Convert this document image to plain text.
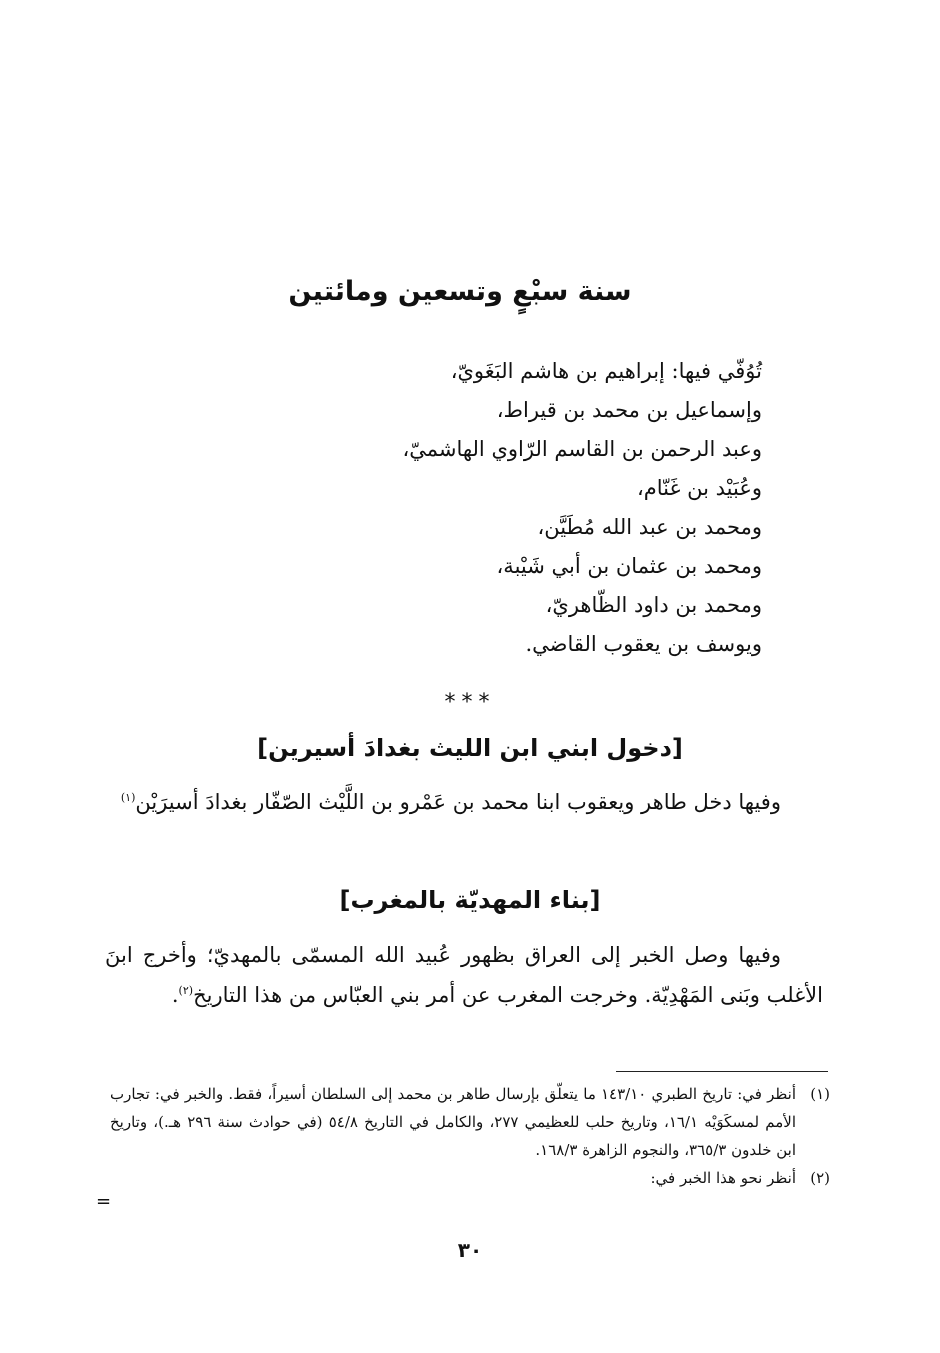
سنة سبْعٍ وتسعين ومائتين
تُوُفّي فيها: إبراهيم بن هاشم البَغَويّ،
وإسماعيل بن محمد بن قيراط،
وعبد الرحمن بن القاسم الرّاوي الهاشميّ،
وعُبَيْد بن غَنّام،
ومحمد بن عبد الله مُطَيَّن،
ومحمد بن عثمان بن أبي شَيْبة،
ومحمد بن داود الظّاهريّ،
ويوسف بن يعقوب القاضي.
***
[دخول ابني ابن الليث بغدادَ أسيرين]

وفيها دخل طاهر ويعقوب ابنا محمد بن عَمْرو بن اللَّيْث الصّفّار بغدادَ أسيرَيْن$^{(١)}$

[بناء المهديّة بالمغرب]

وفيها وصل الخبر إلى العراق بظهور عُبيد الله المسمّى بالمهديّ؛ وأخرج ابنَ الأغلب وبَنى المَهْدِيّة. وخرجت المغرب عن أمر بني العبّاس من هذا التاريخ$^{(٢)}$.

(١)
أنظر في: تاريخ الطبري ١٤٣/١٠ ما يتعلّق بإرسال طاهر بن محمد إلى السلطان أسيراً، فقط. والخبر في: تجارب الأمم لمسكَوَيْه ١٦/١، وتاريخ حلب للعظيمي ٢٧٧، والكامل في التاريخ ٥٤/٨ (في حوادث سنة ٢٩٦ هـ.)، وتاريخ ابن خلدون ٣٦٥/٣، والنجوم الزاهرة ١٦٨/٣.

(٢)
أنظر نحو هذا الخبر في:

=
٣٠
